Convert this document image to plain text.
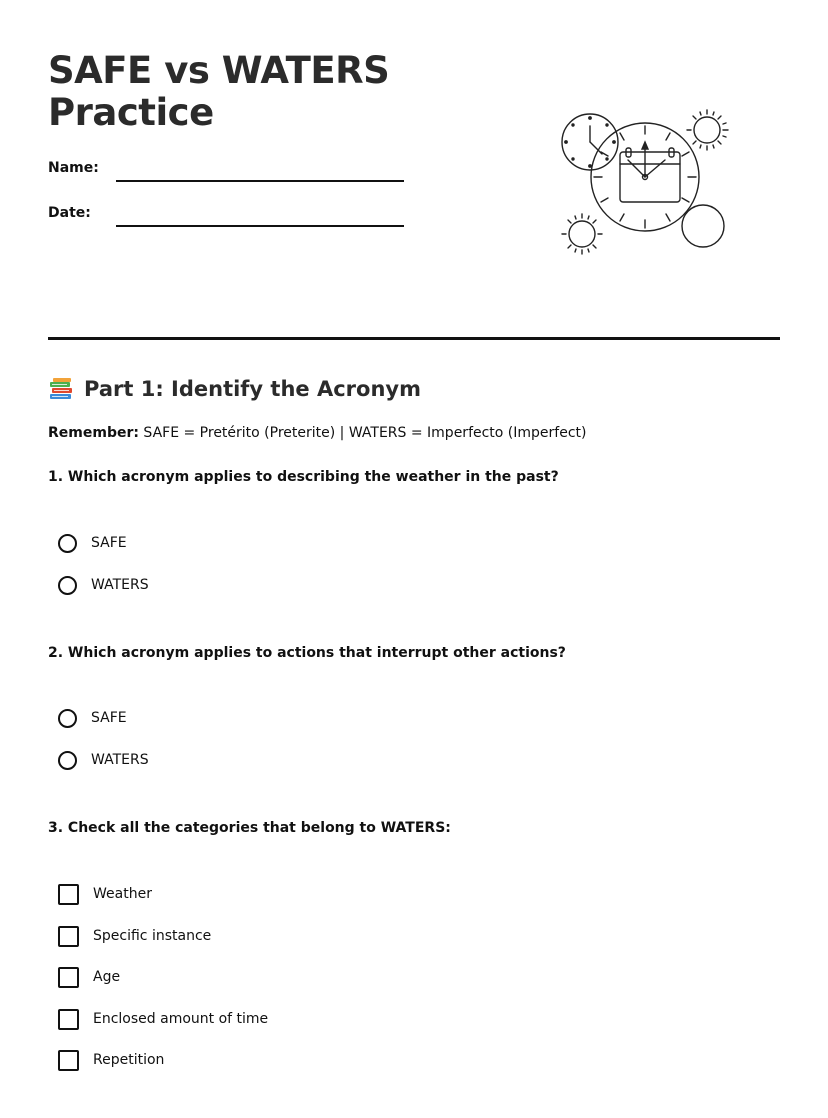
SAFE vs WATERS
Practice
Name:
Date:
Part 1: Identify the Acronym
Remember: SAFE = Pretérito (Preterite) | WATERS = Imperfecto (Imperfect)
1. Which acronym applies to describing the weather in the past?
SAFE
WATERS
2. Which acronym applies to actions that interrupt other actions?
SAFE
WATERS
3. Check all the categories that belong to WATERS:
Weather
Specific instance
Age
Enclosed amount of time
Repetition
